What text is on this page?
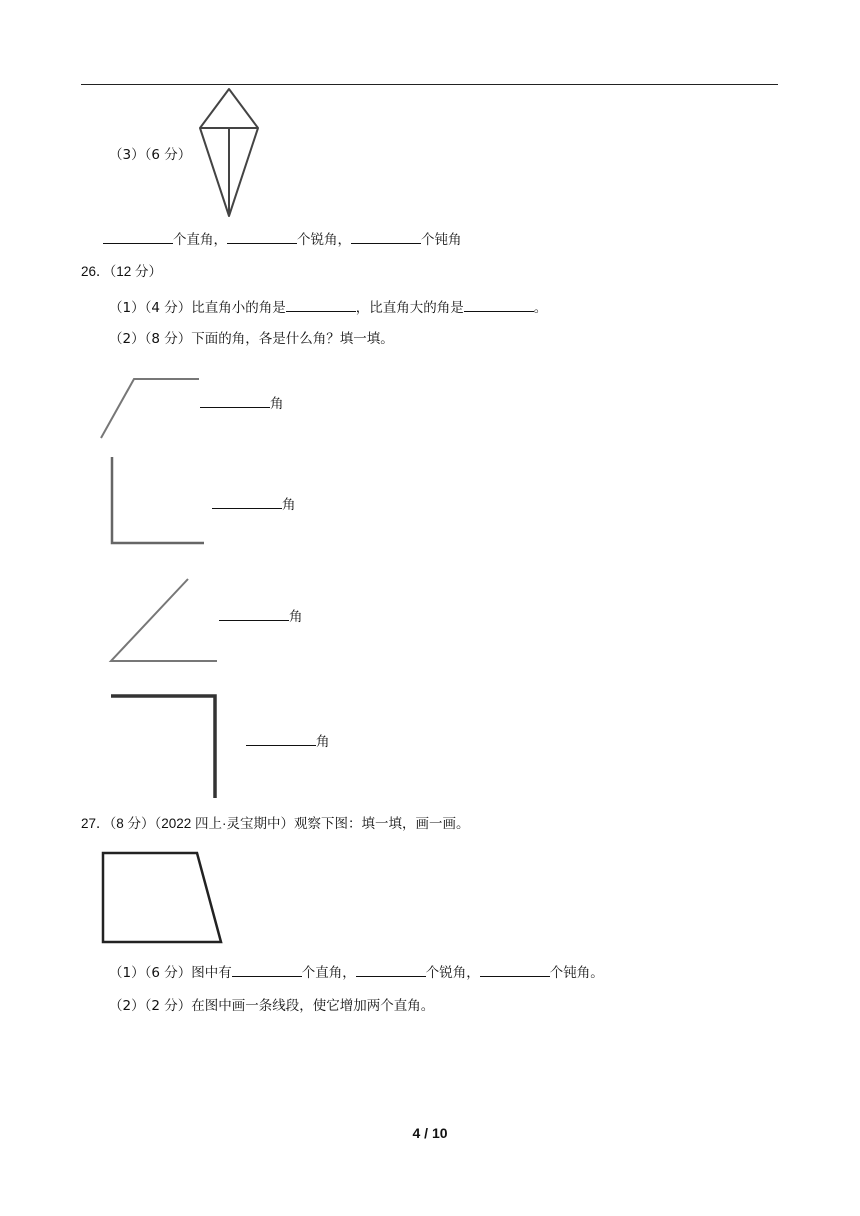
（3）（6 分）
个直角，	个锐角，	个钝角
26．（12 分）
（1）（4 分）比直角小的角是	，比直角大的角是	。
（2）（8 分）下面的角，各是什么角？填一填。
角
角
角
角
27．（8 分）（2022 四上·灵宝期中）观察下图：填一填，画一画。
（1）（6 分）图中有	个直角，	个锐角，	个钝角。
（2）（2 分）在图中画一条线段，使它增加两个直角。
4 / 10
